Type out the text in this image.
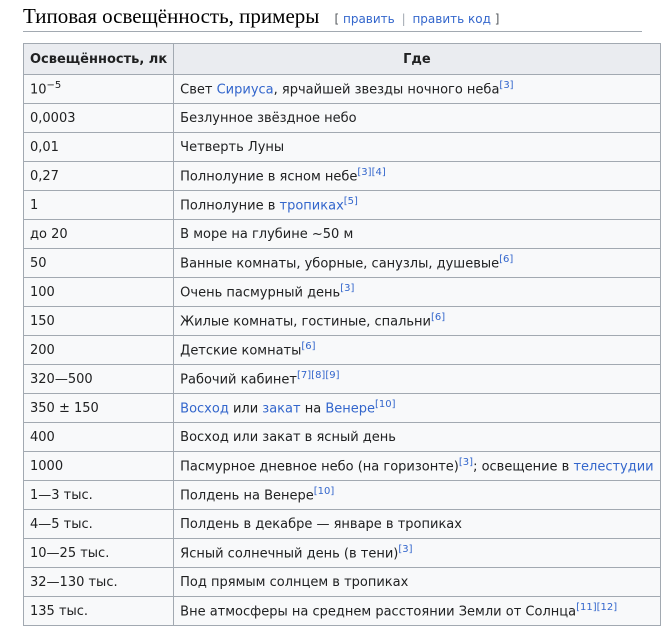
Типовая освещённость, примеры [ править | править код ]
Освещённость, лк	Где
$10^{-5}$	Свет Сириуса, ярчайшей звезды ночного неба[3]
0,0003	Безлунное звёздное небо
0,01	Четверть Луны
0,27	Полнолуние в ясном небе[3][4]
1	Полнолуние в тропиках[5]
до 20	В море на глубине ~50 м
50	Ванные комнаты, уборные, санузлы, душевые[6]
100	Очень пасмурный день[3]
150	Жилые комнаты, гостиные, спальни[6]
200	Детские комнаты[6]
320—500	Рабочий кабинет[7][8][9]
350 ± 150	Восход или закат на Венере[10]
400	Восход или закат в ясный день
1000	Пасмурное дневное небо (на горизонте)[3]; освещение в телестудии
1—3 тыс.	Полдень на Венере[10]
4—5 тыс.	Полдень в декабре — январе в тропиках
10—25 тыс.	Ясный солнечный день (в тени)[3]
32—130 тыс.	Под прямым солнцем в тропиках
135 тыс.	Вне атмосферы на среднем расстоянии Земли от Солнца[11][12]
